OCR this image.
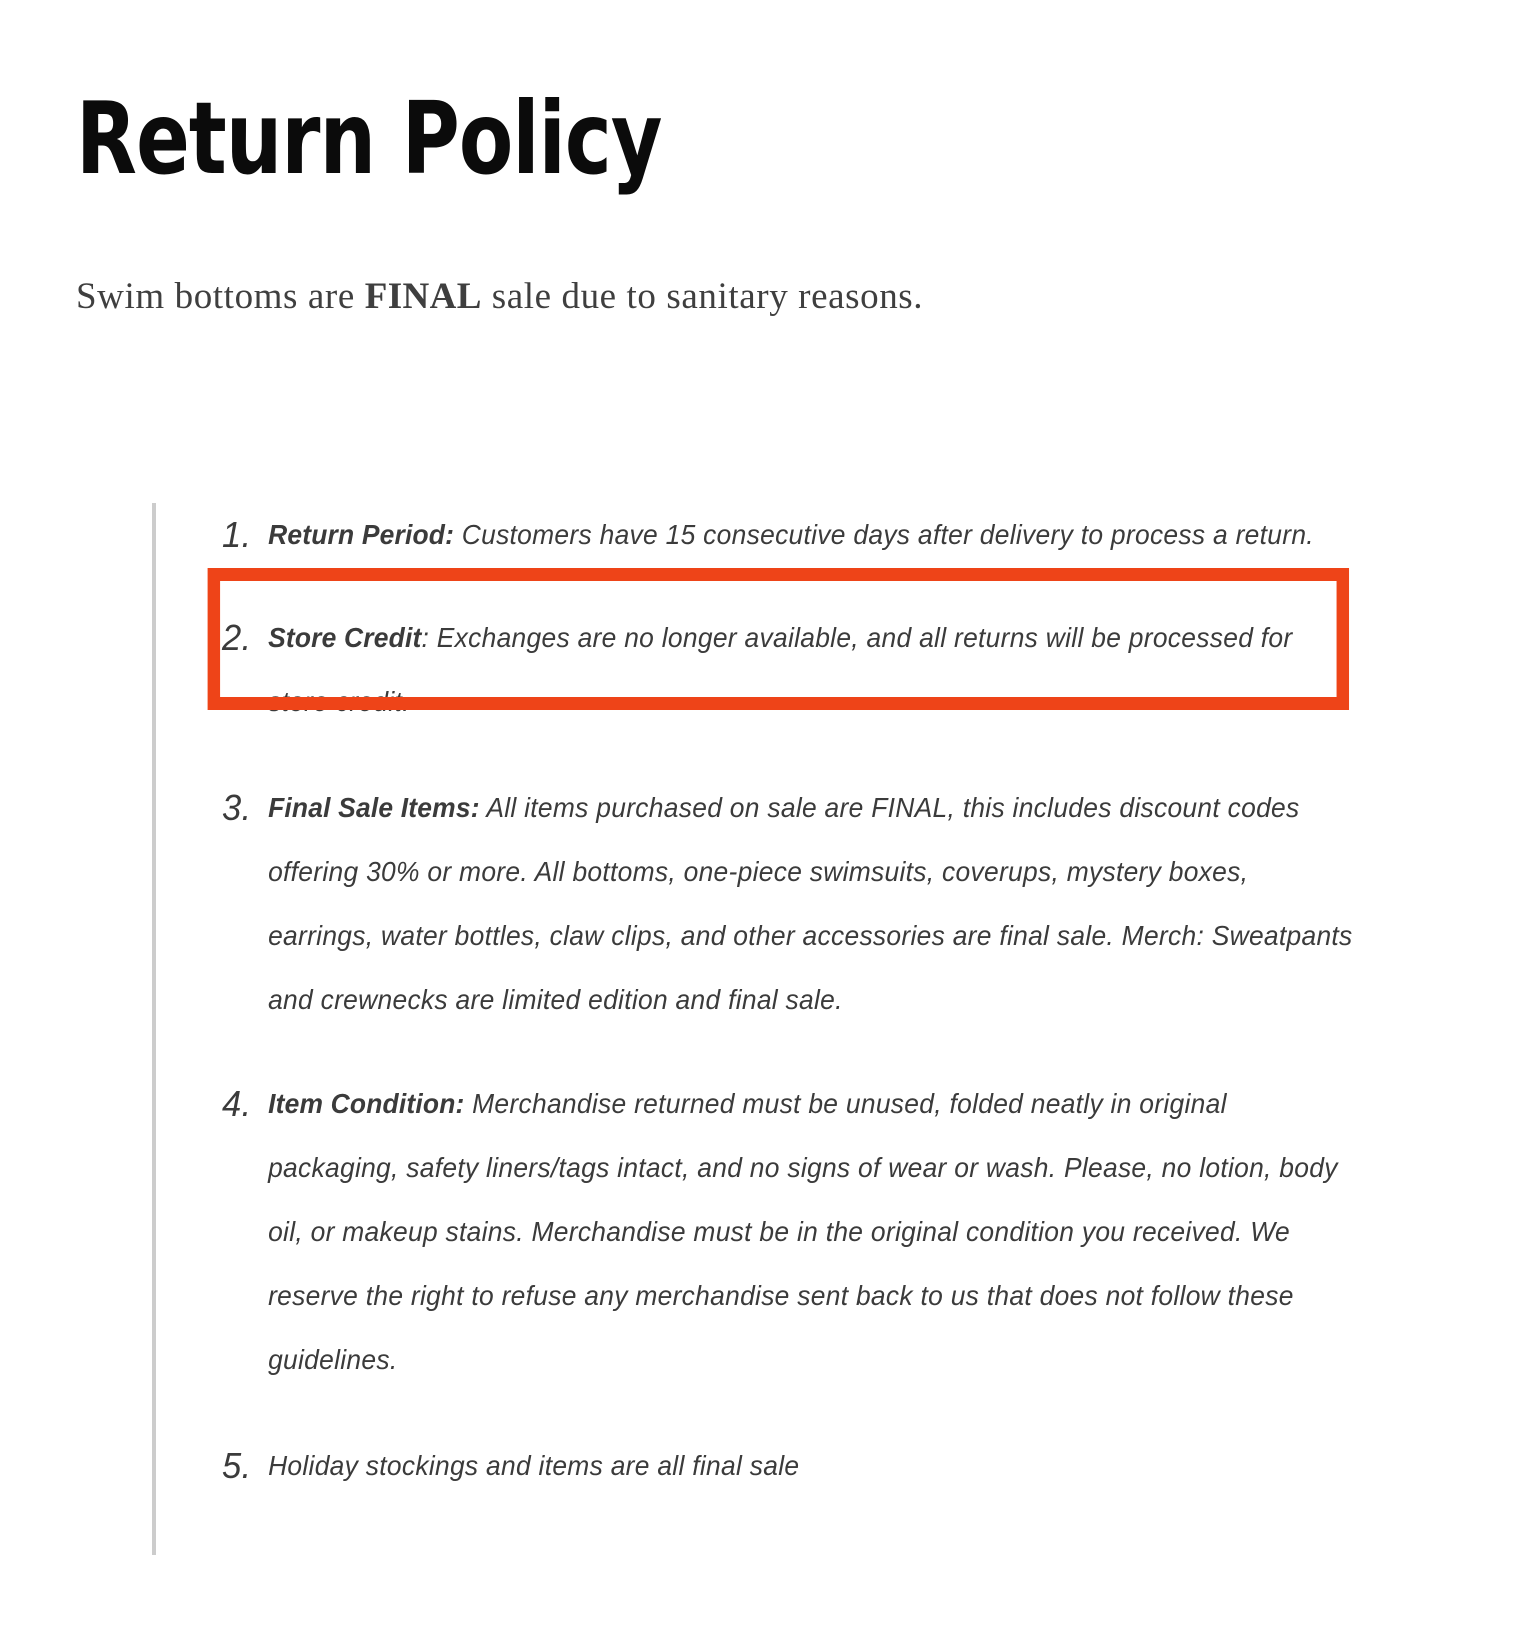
Return Policy

Swim bottoms are FINAL sale due to sanitary reasons.

1. Return Period: Customers have 15 consecutive days after delivery to process a return.
2. Store Credit: Exchanges are no longer available, and all returns will be processed for store credit.
3. Final Sale Items: All items purchased on sale are FINAL, this includes discount codes offering 30% or more. All bottoms, one-piece swimsuits, coverups, mystery boxes, earrings, water bottles, claw clips, and other accessories are final sale. Merch: Sweatpants and crewnecks are limited edition and final sale.
4. Item Condition: Merchandise returned must be unused, folded neatly in original packaging, safety liners/tags intact, and no signs of wear or wash. Please, no lotion, body oil, or makeup stains. Merchandise must be in the original condition you received. We reserve the right to refuse any merchandise sent back to us that does not follow these guidelines.
5. Holiday stockings and items are all final sale
